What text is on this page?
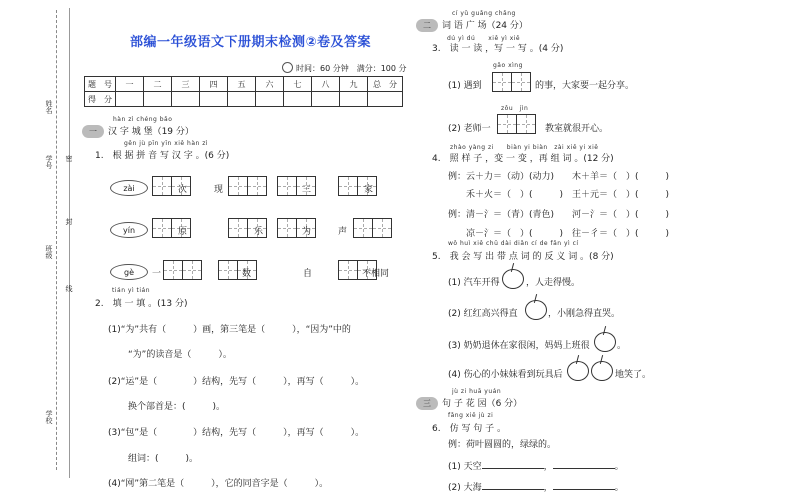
姓名
学号 密
封
班级
线
学校
部编一年级语文下册期末检测②卷及答案
时间：60 分钟　满分：100 分
题　号	一	二	三	四	五	六	七	八	九	总　分
得　分										
hàn zì chéng bǎo
一 汉 字 城 堡（19 分）
gēn jù pīn yīn xiě hàn zì
1.　根 据 拼 音 写 汉 字 。(6 分)
zài	次	现	三	家
yín	原	乐	为	声
gè	一	数	自	不相同
tián yì tián
2.　填 一 填 。(13 分)
(1)“为”共有（　　　）画，第三笔是（　　　），“因为”中的
“为”的读音是（　　　）。
(2)“运”是（　　　　）结构，先写（　　　），再写（　　　）。
换个部首是：(　　　)。
(3)“包”是（　　　　）结构，先写（　　　），再写（　　　）。
组词：(　　　)。
(4)“网”第二笔是（　　　），它的同音字是（　　　）。
cí yǔ guǎng chǎng
二 词 语 广 场（24 分）
dú yì dú　　xiě yì xiě
3.　读 一 读 ，写 一 写 。(4 分)
gǎo xìng
(1) 遇到	的事，大家要一起分享。
zǒu　jìn
(2) 老师一	教室就很开心。
zhào yàng zi　　biàn yi biàn　zài xiě yi xiě
4.　照 样 子 ，变 一 变 ，再 组 词 。(12 分)
例：云＋力＝（动）(动力)　　木＋羊＝（　）(　　　)
禾＋火＝（　）(　　　)　王＋元＝（　）(　　　)
例：清－氵＝（青）(青色)　　河－氵＝（　）(　　　)
凉－氵＝（　）(　　　)　往－彳＝（　）(　　　)
wǒ huì xiě chū dài diǎn cí de fǎn yì cí
5.　我 会 写 出 带 点 词 的 反 义 词 。(8 分)
(1) 汽车开得	，人走得慢。
(2) 红红高兴得直	，小刚急得直哭。
(3) 奶奶退休在家很闲，妈妈上班很	。
(4) 伤心的小妹妹看到玩具后	地笑了。
jù zi huā yuán
三 句 子 花 园（6 分）
fǎng xiě jù zi
6.　仿 写 句 子 。
例：荷叶圆圆的，绿绿的。
(1) 天空	，	。
(2) 大海	，	。
